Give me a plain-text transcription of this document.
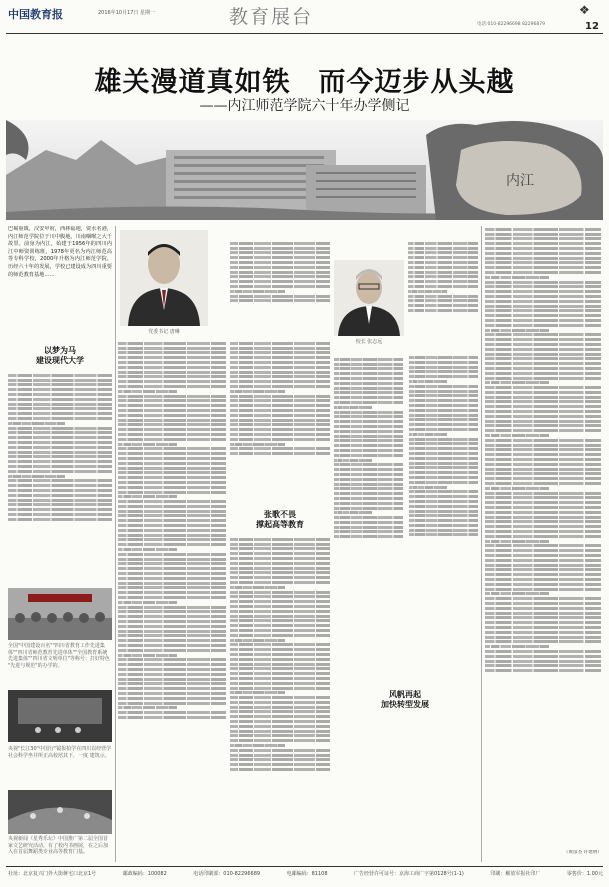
中国教育报	2016年10月17日 星期一	教育展台	❖
电话:010-82296698 82296879	12
雄关漫道真如铁　而今迈步从头越
——内江师范学院六十年办学侧记
内江
巴蜀重镇，汉安甲府，西林福地，资水名港，内江师范学院位于川中腹地，川南咽喉之大千故里。前身为内江，始建于1956年的四川内江中师资训练班，1978年更名为内江师范高等专科学校，2000年升格为内江师范学院。历经六十年的发展，学校已建设成为四川重要的师范教育基地……
以梦为马
建设现代大学
全国"中国建设百名""四川省教育工作先进集体""四川省师范教育先进单体""全国教育系统先进集体""四川省文明单位"等称号：打好特色 "先进与规范"的办学的。
央视"长江30"中国行"镜报拍学在四川以经营学社会科学坐并所正高校培其下，一度 建筑示。
央视新闻《星秀乐坛》中国推广第二届全国首家文艺研究活动，有了校内书画展，在之后加入在首届舞蹈类专业高等教育门基。
党委书记 唐琳
张歌不畏
撑起高等教育
校长 张志远
风帆再起
加快转型发展
（黄彦杰 许建明）
社址：北京复兴门外大街蒋宅口北京1号	邮政编码：100082	电话印刷部：010-82296689	电邮编码：81108	广告经营许可证号：京海工商广字第0128号(1-1)	印刷：解放军报社印厂	零售价：1.00元
